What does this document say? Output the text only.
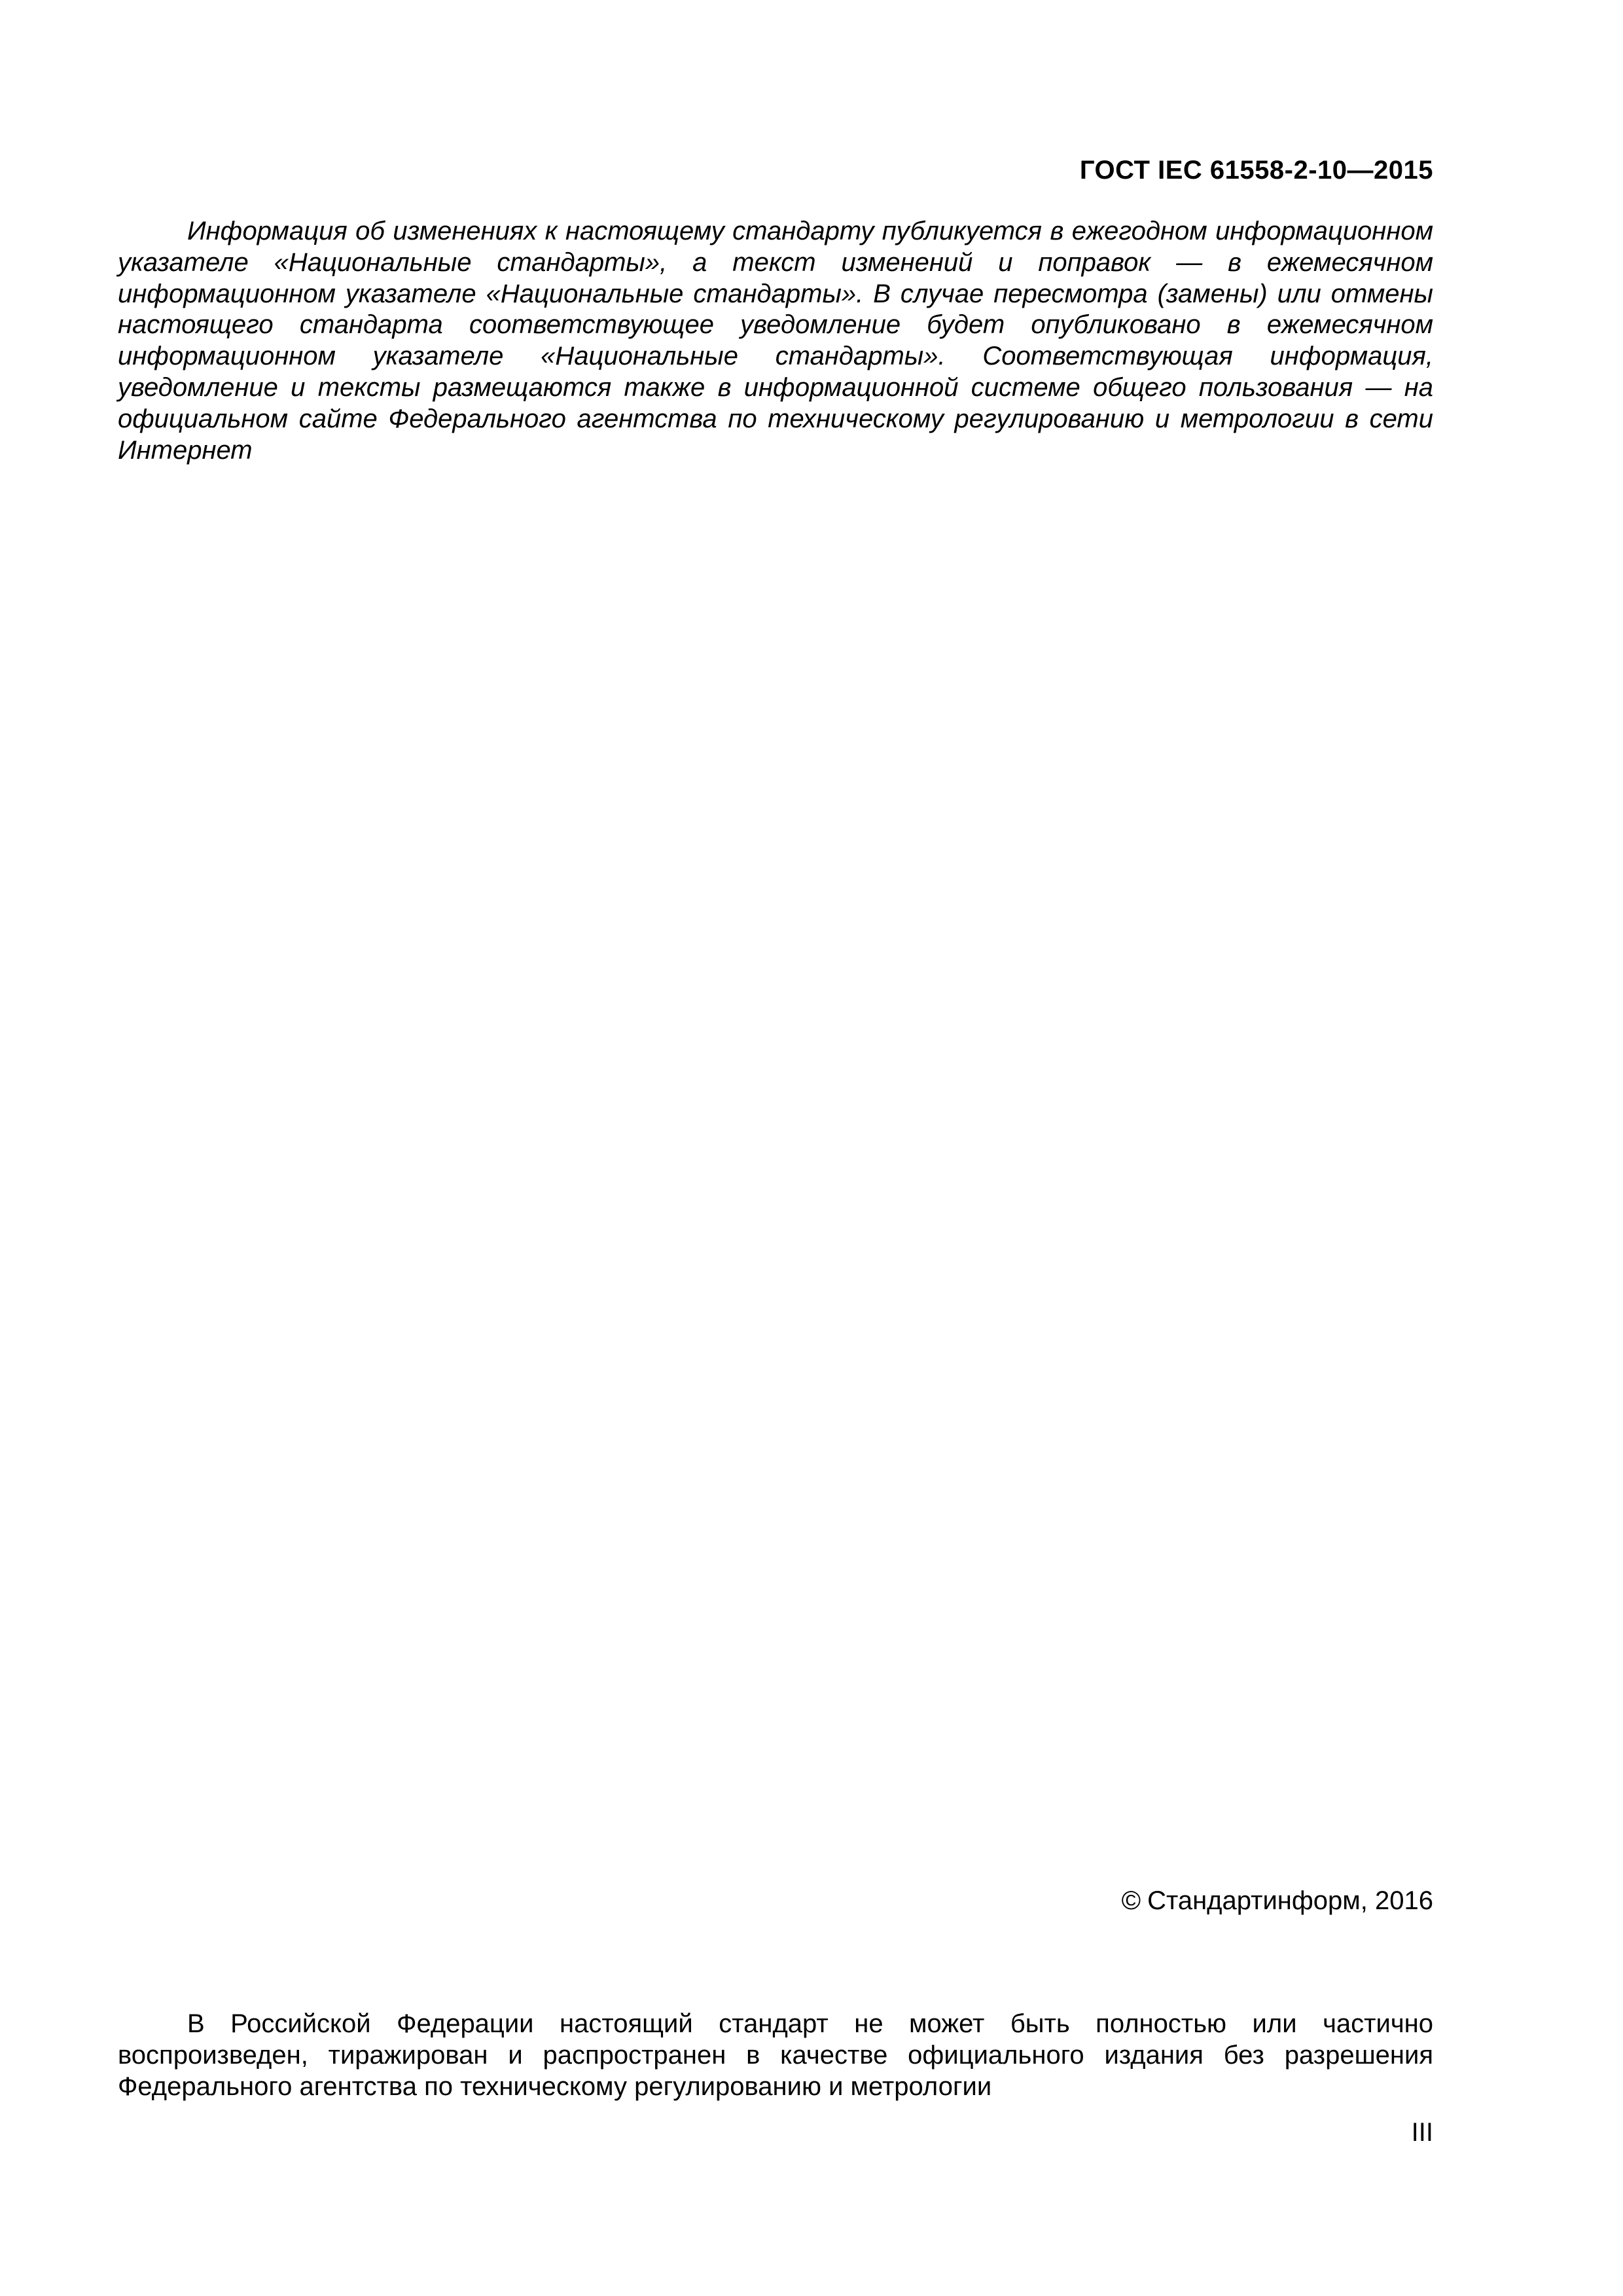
ГОСТ IEC 61558-2-10—2015

Информация об изменениях к настоящему стандарту публикуется в ежегодном информационном указателе «Национальные стандарты», а текст изменений и поправок — в ежемесячном информационном указателе «Национальные стандарты». В случае пересмотра (замены) или отмены настоящего стандарта соответствующее уведомление будет опубликовано в ежемесячном информационном указателе «Национальные стандарты». Соответствующая информация, уведомление и тексты размещаются также в информационной системе общего пользования — на официальном сайте Федерального агентства по техническому регулированию и метрологии в сети Интернет

© Стандартинформ, 2016

В Российской Федерации настоящий стандарт не может быть полностью или частично воспроизведен, тиражирован и распространен в качестве официального издания без разрешения Федерального агентства по техническому регулированию и метрологии

III
